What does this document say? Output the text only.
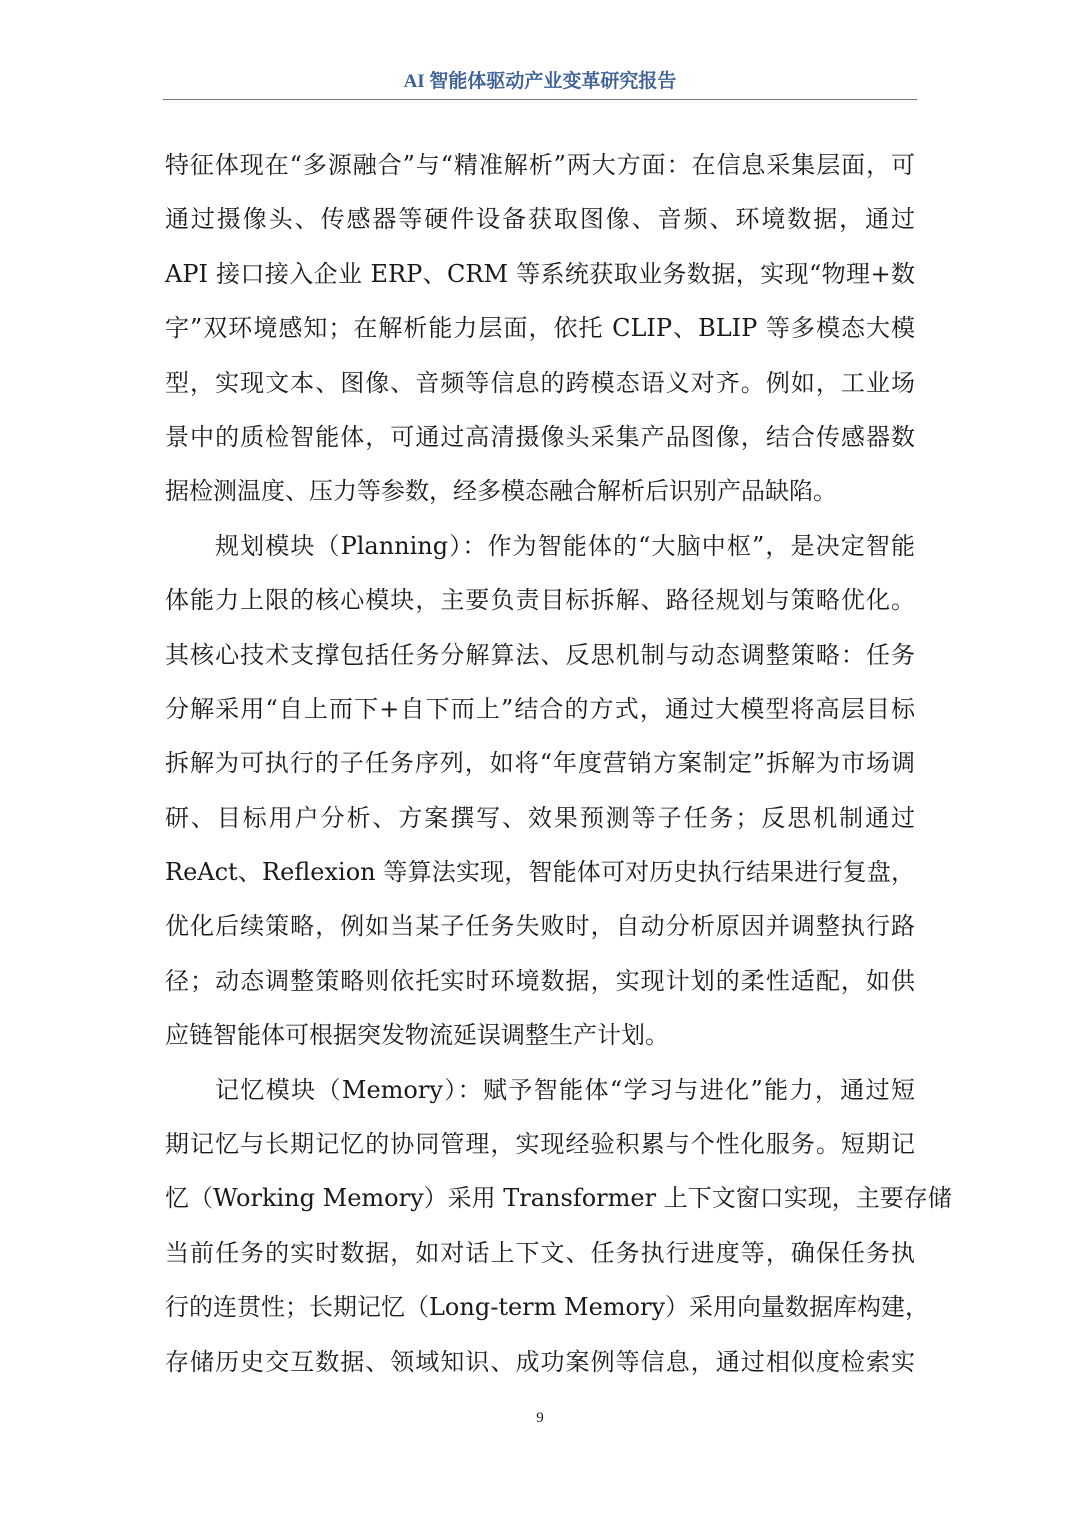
AI 智能体驱动产业变革研究报告
特征体现在“多源融合”与“精准解析”两大方面：在信息采集层面，可
通过摄像头、传感器等硬件设备获取图像、音频、环境数据，通过
API 接口接入企业 ERP、CRM 等系统获取业务数据，实现“物理+数
字”双环境感知；在解析能力层面，依托 CLIP、BLIP 等多模态大模
型，实现文本、图像、音频等信息的跨模态语义对齐。例如，工业场
景中的质检智能体，可通过高清摄像头采集产品图像，结合传感器数
据检测温度、压力等参数，经多模态融合解析后识别产品缺陷。
规划模块（Planning）：作为智能体的“大脑中枢”，是决定智能
体能力上限的核心模块，主要负责目标拆解、路径规划与策略优化。
其核心技术支撑包括任务分解算法、反思机制与动态调整策略：任务
分解采用“自上而下+自下而上”结合的方式，通过大模型将高层目标
拆解为可执行的子任务序列，如将“年度营销方案制定”拆解为市场调
研、目标用户分析、方案撰写、效果预测等子任务；反思机制通过
ReAct、Reflexion 等算法实现，智能体可对历史执行结果进行复盘，
优化后续策略，例如当某子任务失败时，自动分析原因并调整执行路
径；动态调整策略则依托实时环境数据，实现计划的柔性适配，如供
应链智能体可根据突发物流延误调整生产计划。
记忆模块（Memory）：赋予智能体“学习与进化”能力，通过短
期记忆与长期记忆的协同管理，实现经验积累与个性化服务。短期记
忆（Working Memory）采用 Transformer 上下文窗口实现，主要存储
当前任务的实时数据，如对话上下文、任务执行进度等，确保任务执
行的连贯性；长期记忆（Long-term Memory）采用向量数据库构建，
存储历史交互数据、领域知识、成功案例等信息，通过相似度检索实
9
